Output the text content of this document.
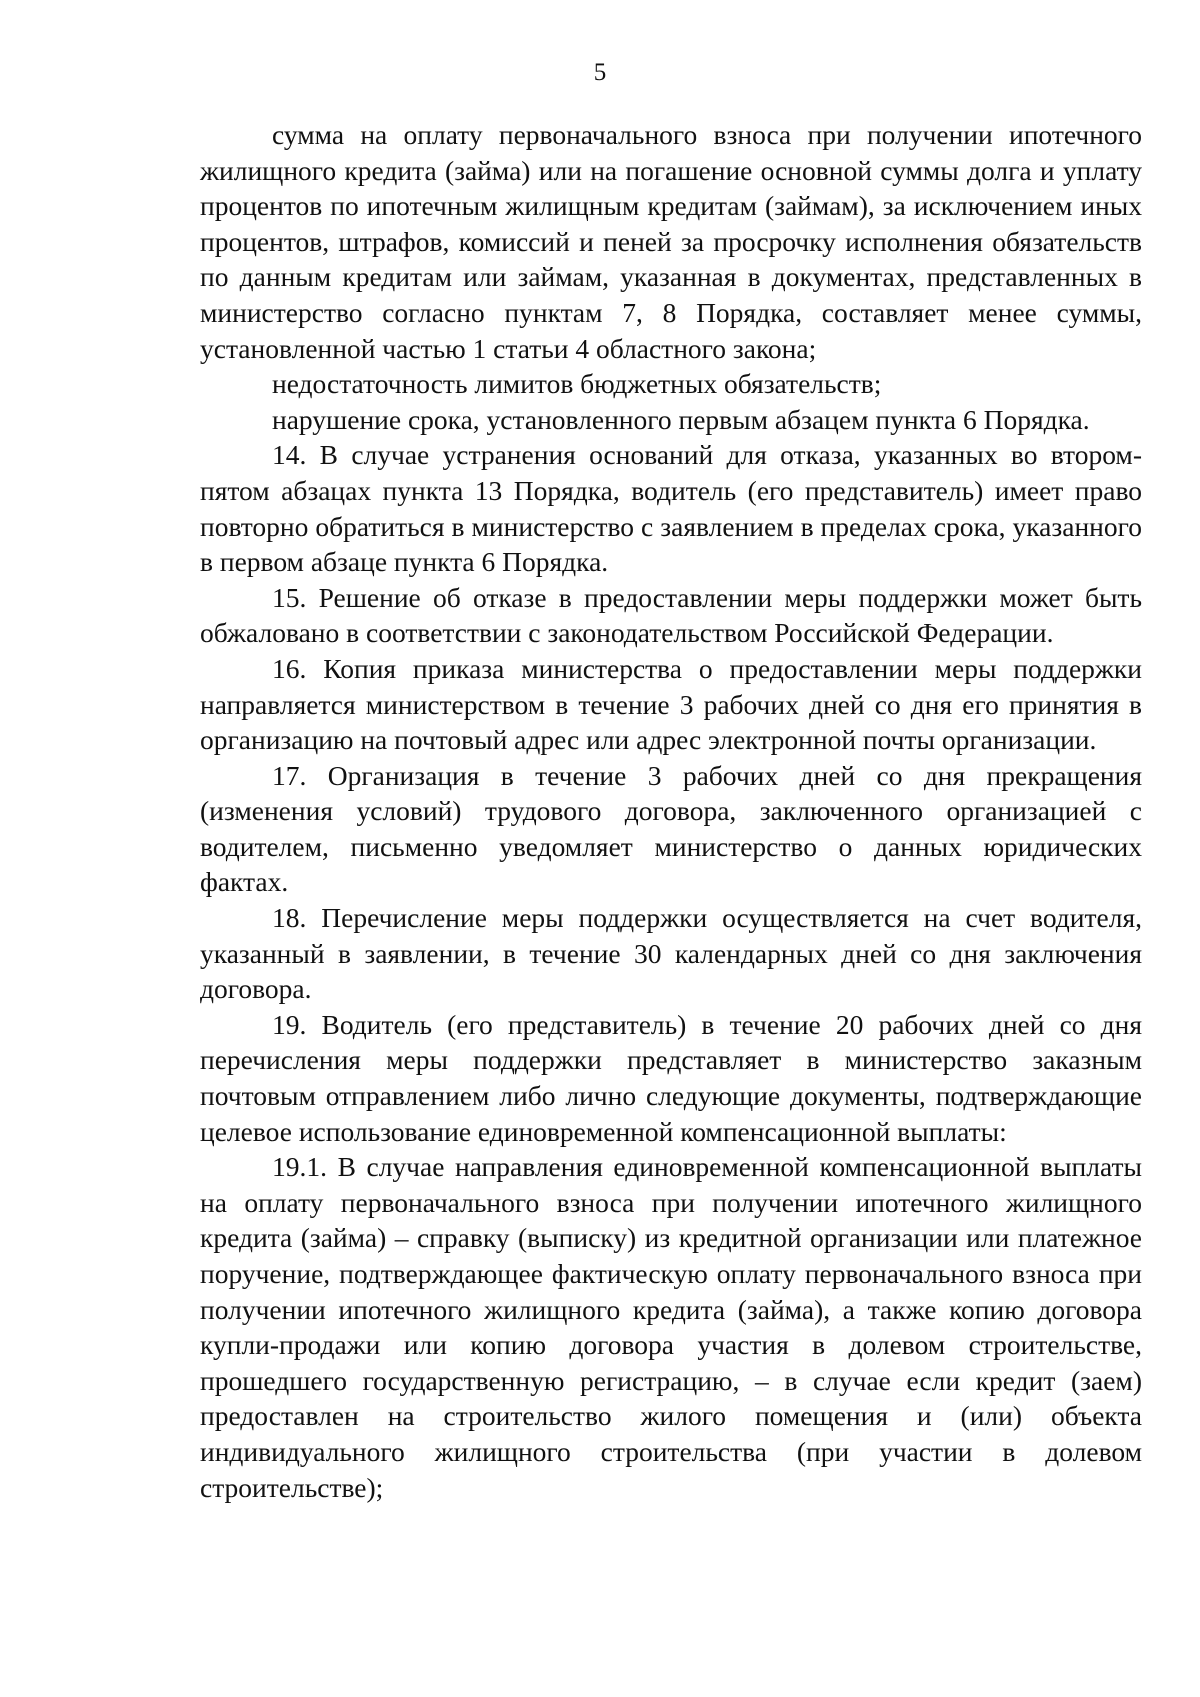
5

сумма на оплату первоначального взноса при получении ипотечного жилищного кредита (займа) или на погашение основной суммы долга и уплату процентов по ипотечным жилищным кредитам (займам), за исключением иных процентов, штрафов, комиссий и пеней за просрочку исполнения обязательств по данным кредитам или займам, указанная в документах, представленных в министерство согласно пунктам 7, 8 Порядка, составляет менее суммы, установленной частью 1 статьи 4 областного закона;

недостаточность лимитов бюджетных обязательств;

нарушение срока, установленного первым абзацем пункта 6 Порядка.

14. В случае устранения оснований для отказа, указанных во втором-пятом абзацах пункта 13 Порядка, водитель (его представитель) имеет право повторно обратиться в министерство с заявлением в пределах срока, указанного в первом абзаце пункта 6 Порядка.

15. Решение об отказе в предоставлении меры поддержки может быть обжаловано в соответствии с законодательством Российской Федерации.

16. Копия приказа министерства о предоставлении меры поддержки направляется министерством в течение 3 рабочих дней со дня его принятия в организацию на почтовый адрес или адрес электронной почты организации.

17. Организация в течение 3 рабочих дней со дня прекращения (изменения условий) трудового договора, заключенного организацией с водителем, письменно уведомляет министерство о данных юридических фактах.

18. Перечисление меры поддержки осуществляется на счет водителя, указанный в заявлении, в течение 30 календарных дней со дня заключения договора.

19. Водитель (его представитель) в течение 20 рабочих дней со дня перечисления меры поддержки представляет в министерство заказным почтовым отправлением либо лично следующие документы, подтверждающие целевое использование единовременной компенсационной выплаты:

19.1. В случае направления единовременной компенсационной выплаты на оплату первоначального взноса при получении ипотечного жилищного кредита (займа) – справку (выписку) из кредитной организации или платежное поручение, подтверждающее фактическую оплату первоначального взноса при получении ипотечного жилищного кредита (займа), а также копию договора купли-продажи или копию договора участия в долевом строительстве, прошедшего государственную регистрацию, – в случае если кредит (заем) предоставлен на строительство жилого помещения и (или) объекта индивидуального жилищного строительства (при участии в долевом строительстве);
